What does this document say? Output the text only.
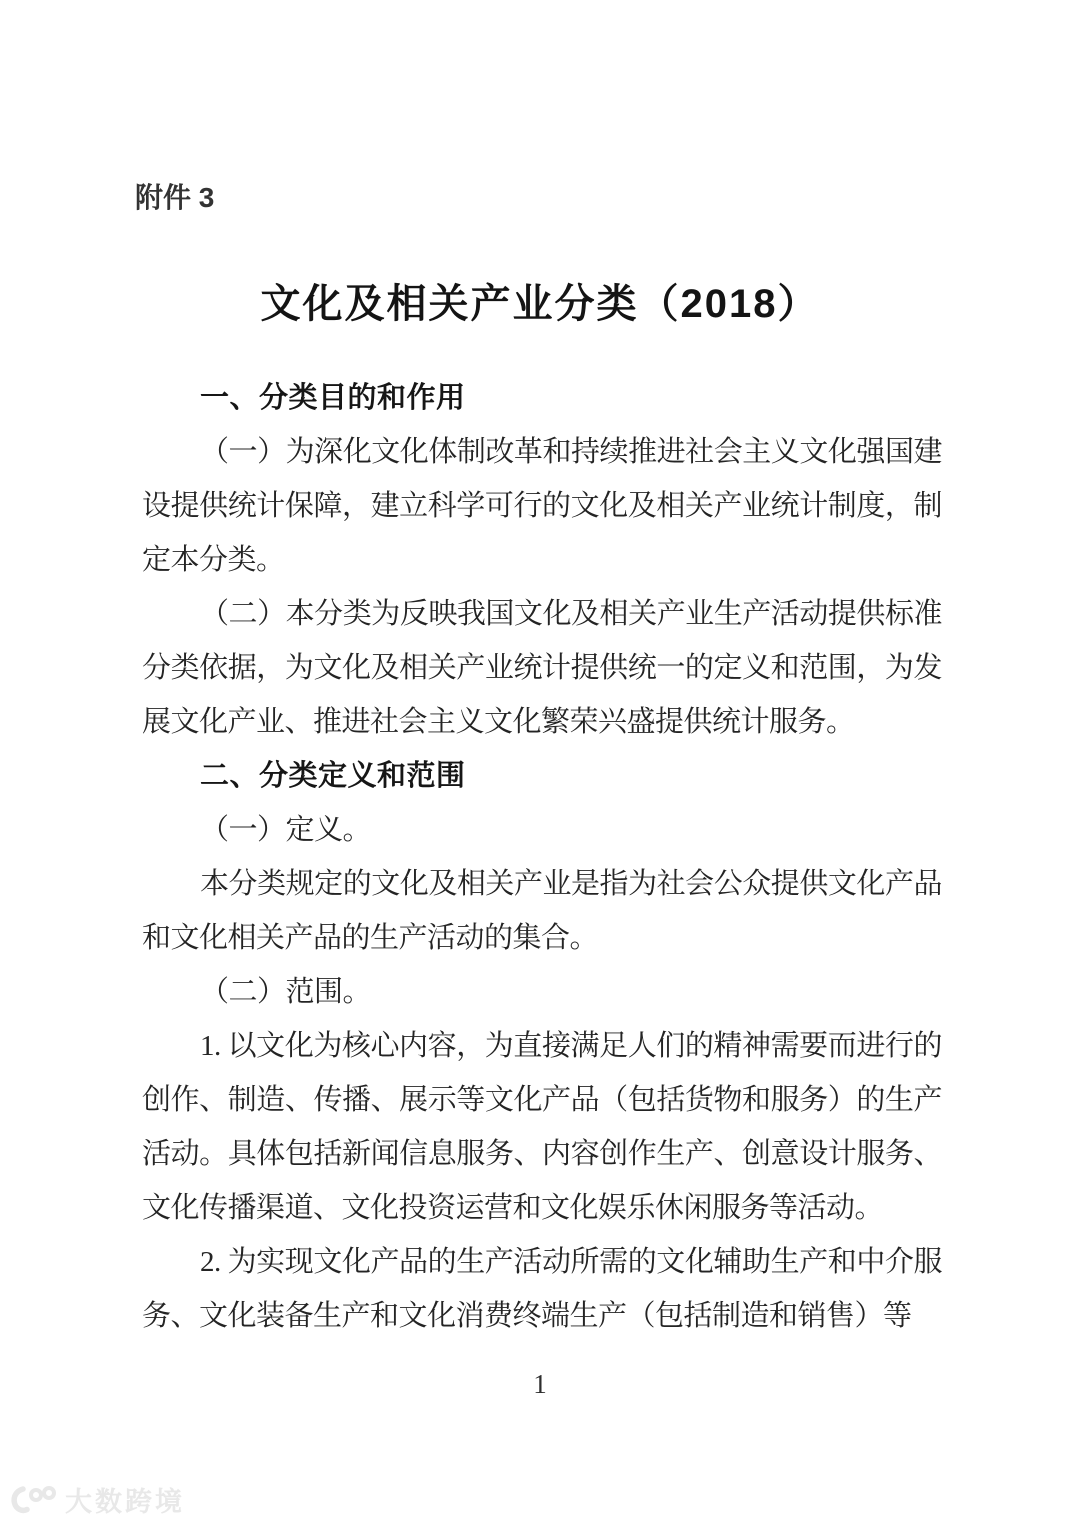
附件 3
文化及相关产业分类（2018）
一、分类目的和作用

（一）为深化文化体制改革和持续推进社会主义文化强国建设提供统计保障，建立科学可行的文化及相关产业统计制度，制定本分类。

（二）本分类为反映我国文化及相关产业生产活动提供标准分类依据，为文化及相关产业统计提供统一的定义和范围，为发展文化产业、推进社会主义文化繁荣兴盛提供统计服务。

二、分类定义和范围

（一）定义。

本分类规定的文化及相关产业是指为社会公众提供文化产品和文化相关产品的生产活动的集合。

（二）范围。

1. 以文化为核心内容，为直接满足人们的精神需要而进行的创作、制造、传播、展示等文化产品（包括货物和服务）的生产活动。具体包括新闻信息服务、内容创作生产、创意设计服务、文化传播渠道、文化投资运营和文化娱乐休闲服务等活动。

2. 为实现文化产品的生产活动所需的文化辅助生产和中介服务、文化装备生产和文化消费终端生产（包括制造和销售）等

1
大数跨境
